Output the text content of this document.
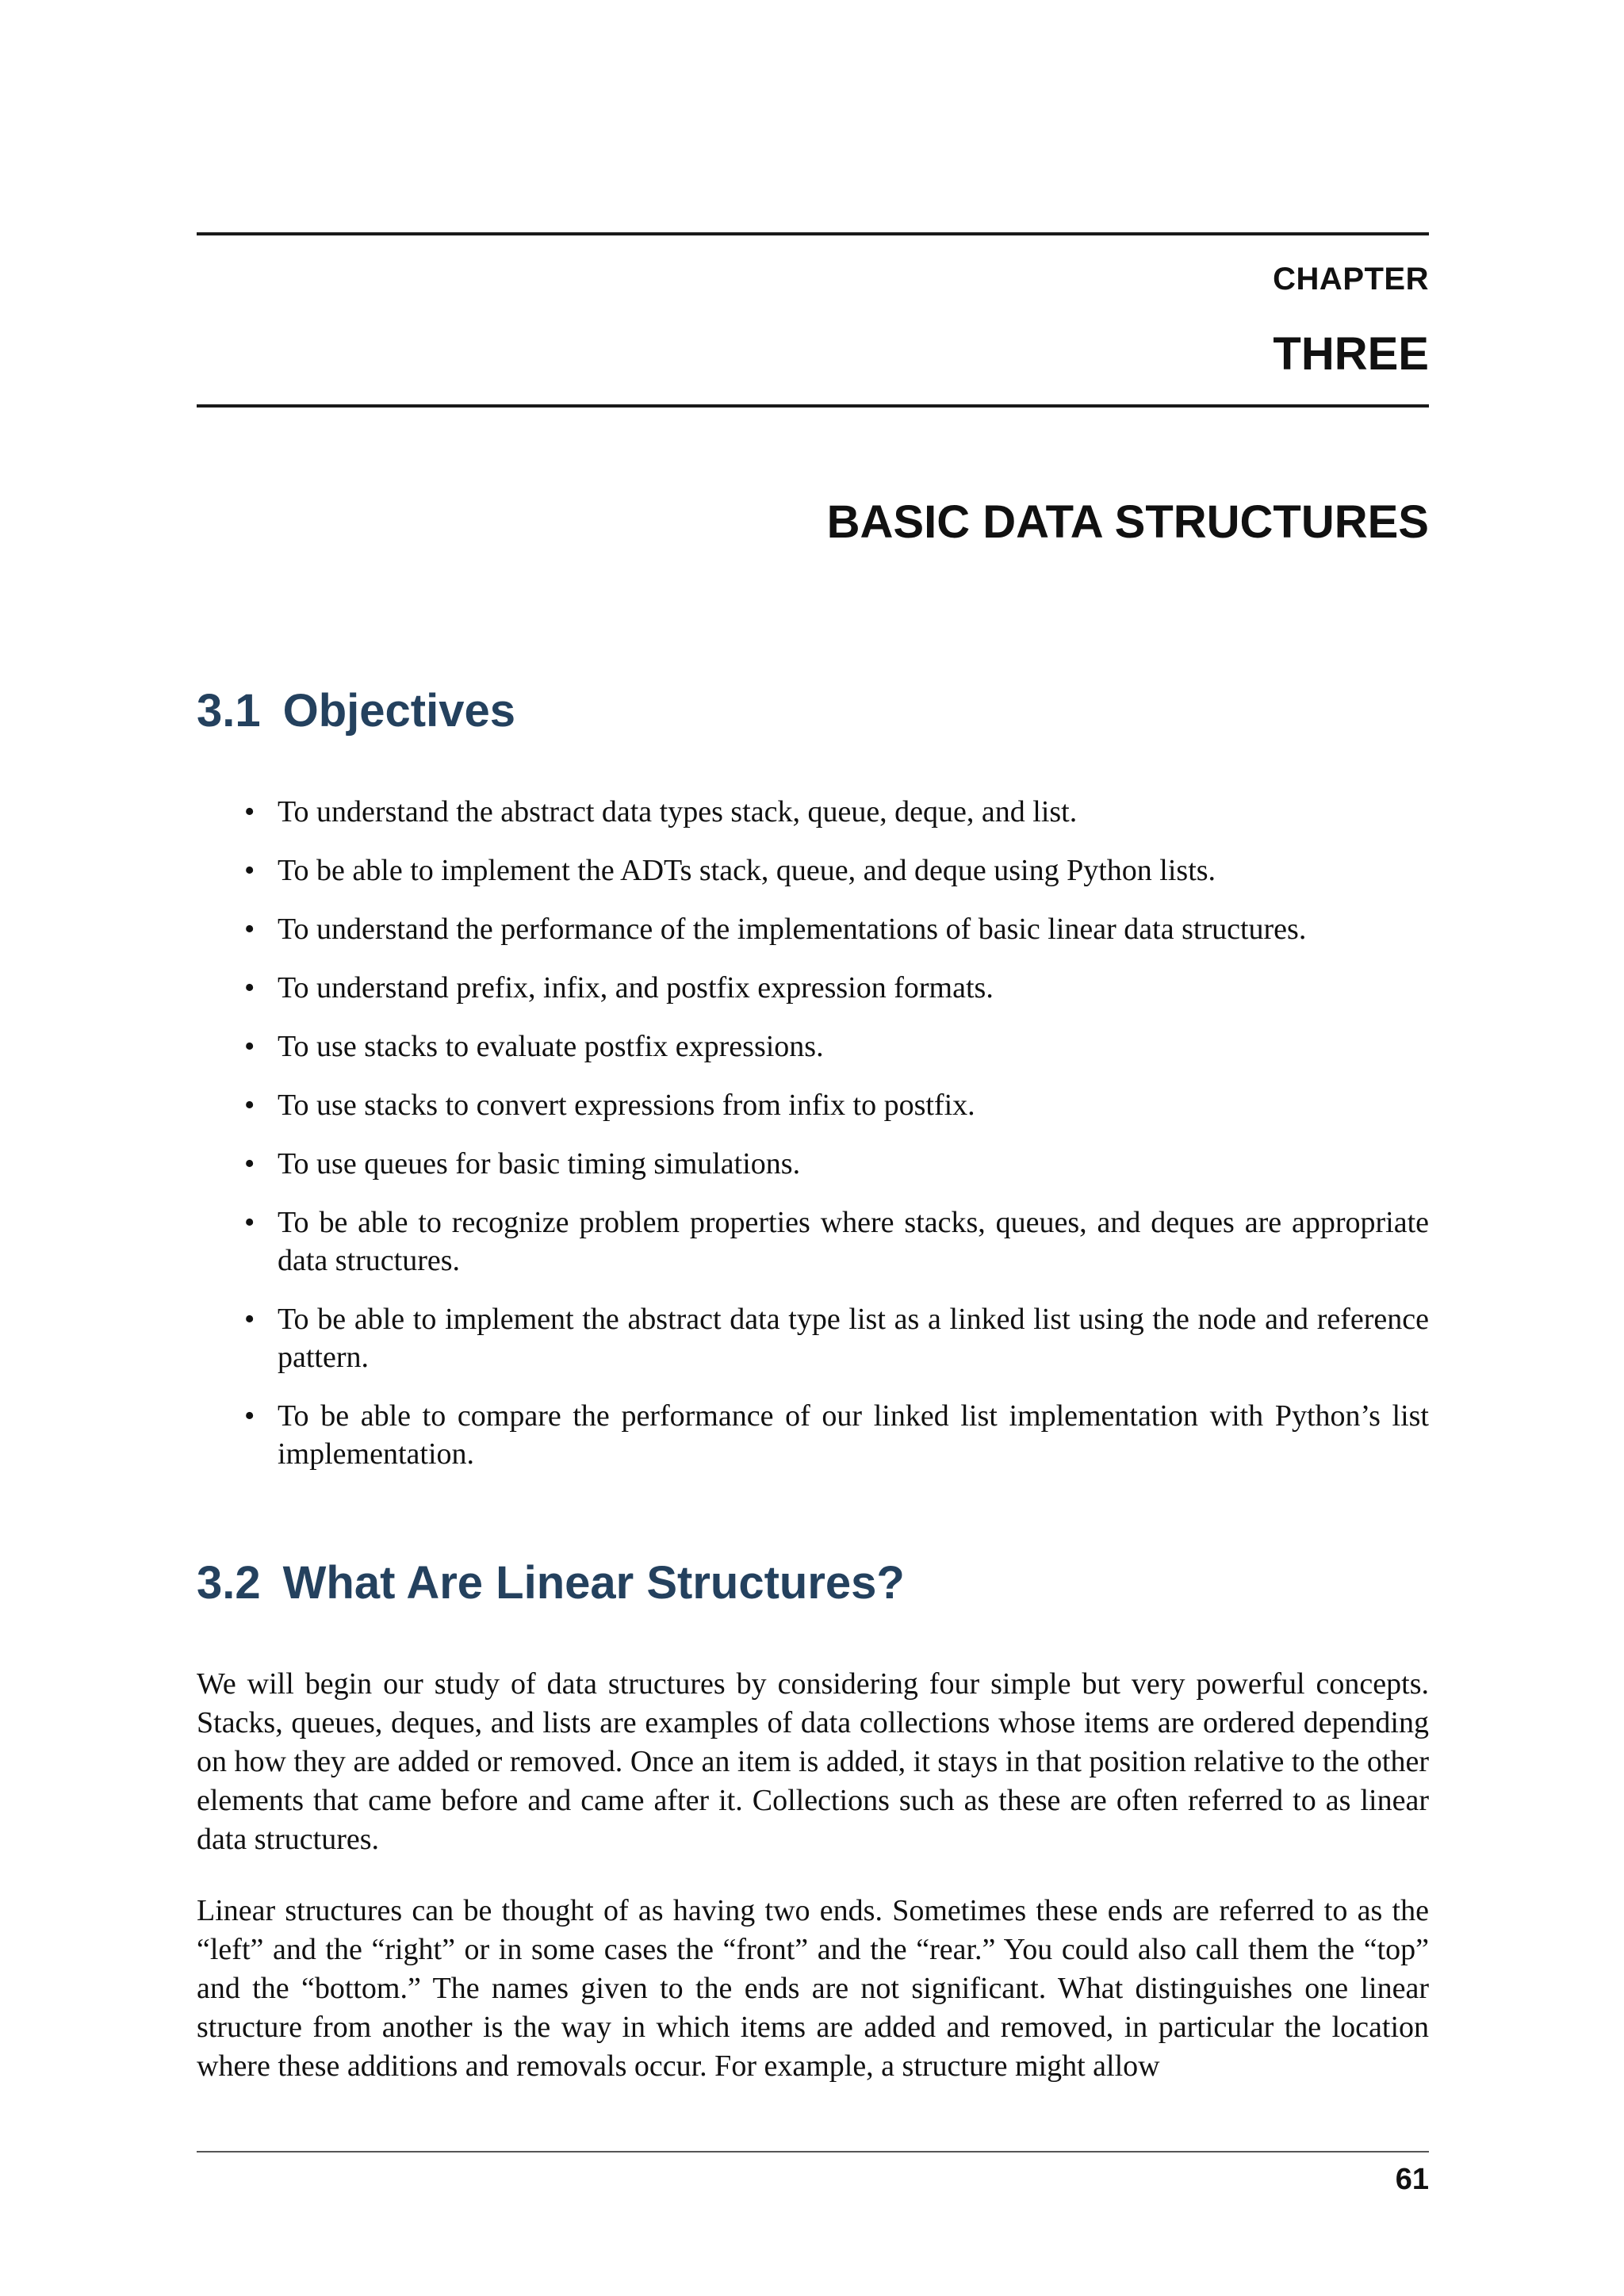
CHAPTER
THREE
BASIC DATA STRUCTURES
3.1 Objectives
• To understand the abstract data types stack, queue, deque, and list.
• To be able to implement the ADTs stack, queue, and deque using Python lists.
• To understand the performance of the implementations of basic linear data structures.
• To understand prefix, infix, and postfix expression formats.
• To use stacks to evaluate postfix expressions.
• To use stacks to convert expressions from infix to postfix.
• To use queues for basic timing simulations.
• To be able to recognize problem properties where stacks, queues, and deques are appropriate data structures.
• To be able to implement the abstract data type list as a linked list using the node and reference pattern.
• To be able to compare the performance of our linked list implementation with Python’s list implementation.
3.2 What Are Linear Structures?

We will begin our study of data structures by considering four simple but very powerful concepts. Stacks, queues, deques, and lists are examples of data collections whose items are ordered depending on how they are added or removed. Once an item is added, it stays in that position relative to the other elements that came before and came after it. Collections such as these are often referred to as linear data structures.

Linear structures can be thought of as having two ends. Sometimes these ends are referred to as the “left” and the “right” or in some cases the “front” and the “rear.” You could also call them the “top” and the “bottom.” The names given to the ends are not significant. What distinguishes one linear structure from another is the way in which items are added and removed, in particular the location where these additions and removals occur. For example, a structure might allow

61
